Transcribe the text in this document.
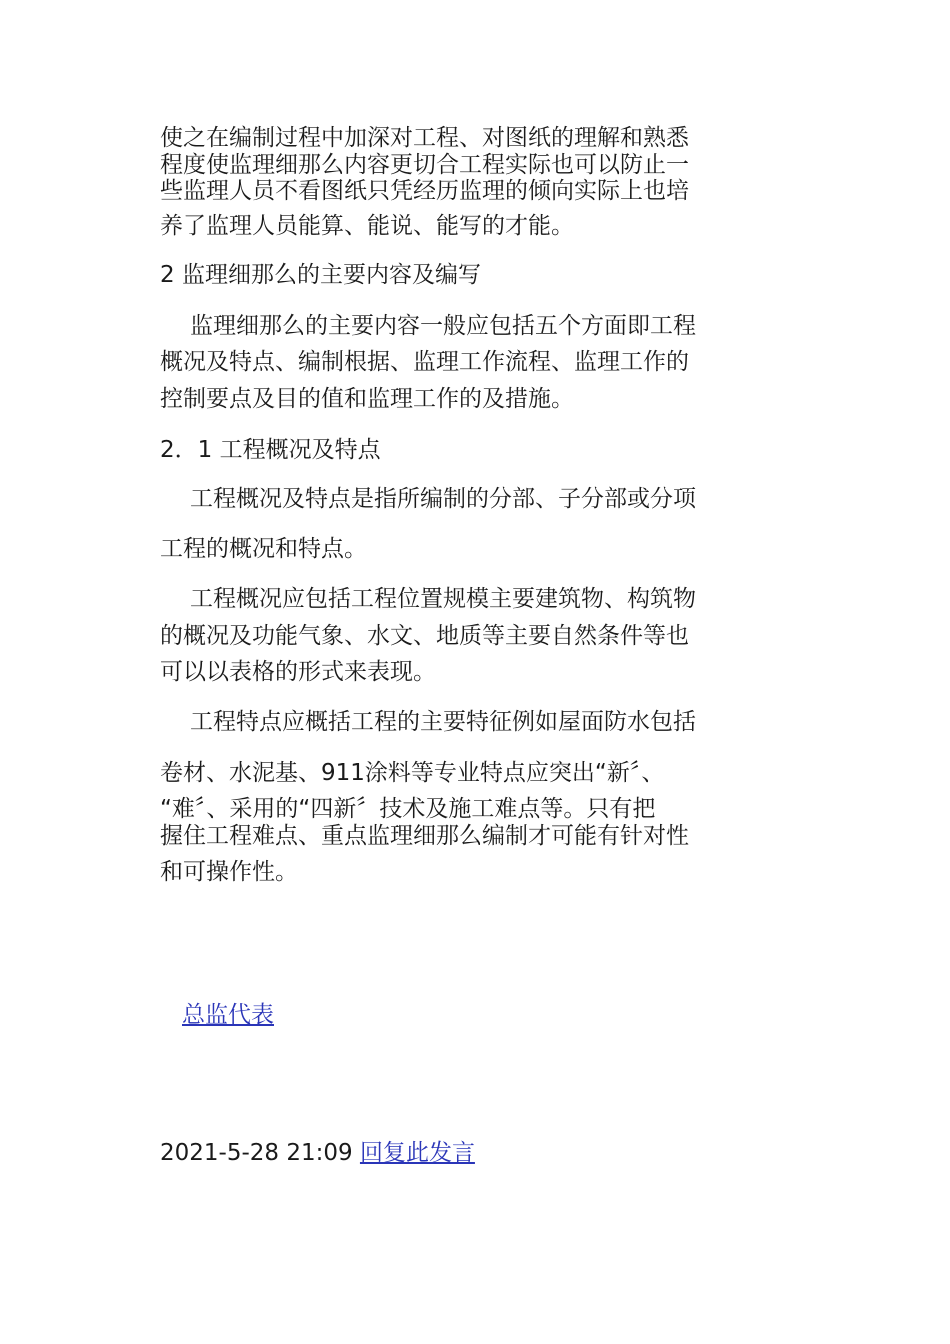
使之在编制过程中加深对工程、对图纸的理解和熟悉
程度使监理细那么内容更切合工程实际也可以防止一
些监理人员不看图纸只凭经历监理的倾向实际上也培
养了监理人员能算、能说、能写的才能。
2 监理细那么的主要内容及编写
监理细那么的主要内容一般应包括五个方面即工程
概况及特点、编制根据、监理工作流程、监理工作的
控制要点及目的值和监理工作的及措施。
2．1 工程概况及特点
工程概况及特点是指所编制的分部、子分部或分项
工程的概况和特点。
工程概况应包括工程位置规模主要建筑物、构筑物
的概况及功能气象、水文、地质等主要自然条件等也
可以以表格的形式来表现。
工程特点应概括工程的主要特征例如屋面防水包括
卷材、水泥基、911涂料等专业特点应突出“新〞、
“难〞、采用的“四新〞技术及施工难点等。只有把
握住工程难点、重点监理细那么编制才可能有针对性
和可操作性。
总监代表
2021-5-28 21:09 回复此发言
